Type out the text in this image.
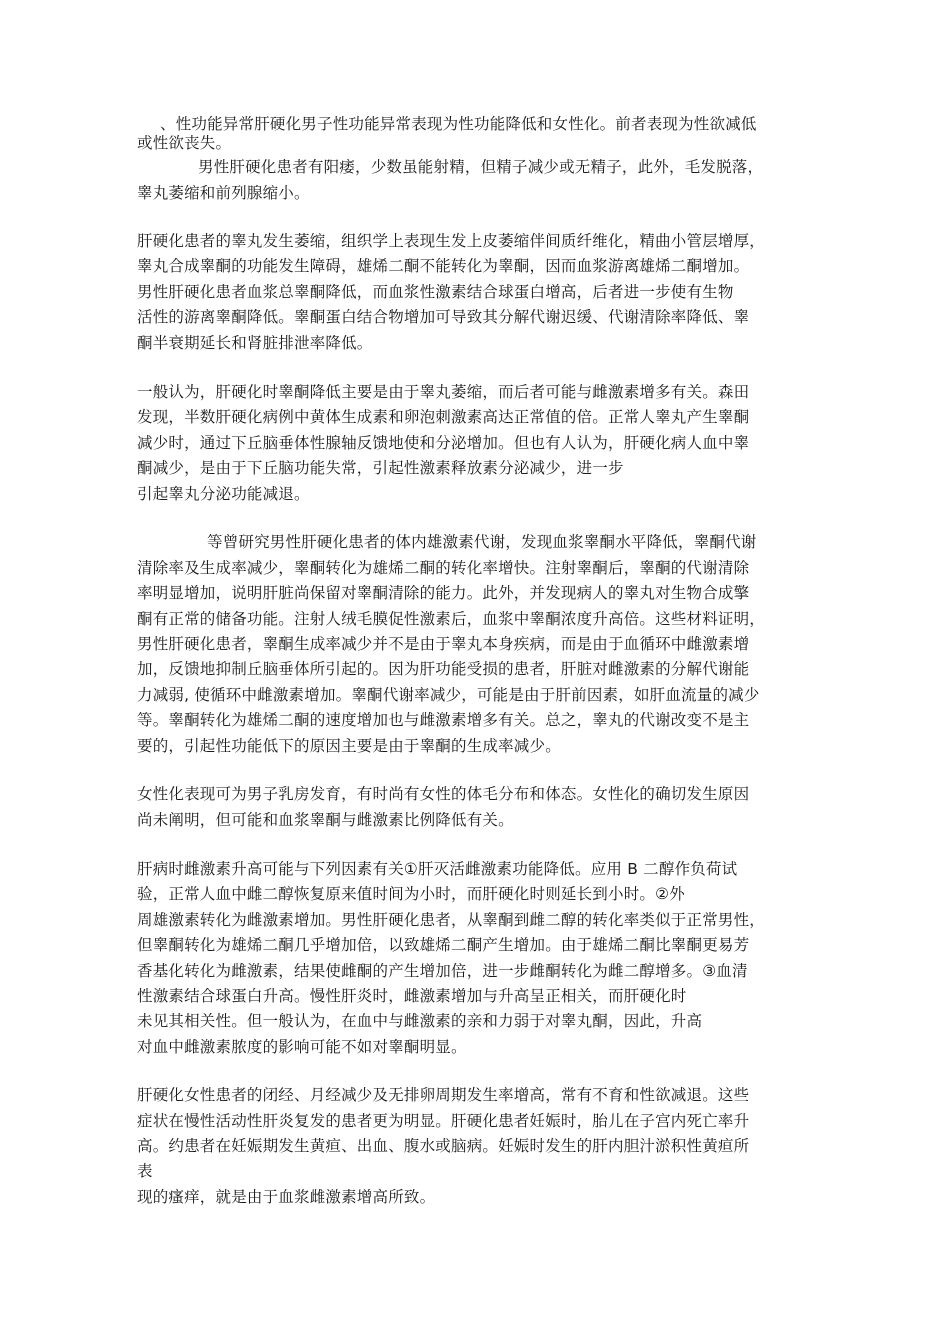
、性功能异常肝硬化男子性功能异常表现为性功能降低和女性化。前者表现为性欲减低
或性欲丧失。
男性肝硬化患者有阳痿，少数虽能射精，但精子减少或无精子，此外，毛发脱落，
睾丸萎缩和前列腺缩小。
肝硬化患者的睾丸发生萎缩，组织学上表现生发上皮萎缩伴间质纤维化，精曲小管层增厚，
睾丸合成睾酮的功能发生障碍，雄烯二酮不能转化为睾酮，因而血浆游离雄烯二酮增加。
男性肝硬化患者血浆总睾酮降低，而血浆性激素结合球蛋白增高，后者进一步使有生物
活性的游离睾酮降低。睾酮蛋白结合物增加可导致其分解代谢迟缓、代谢清除率降低、睾
酮半衰期延长和肾脏排泄率降低。
一般认为，肝硬化时睾酮降低主要是由于睾丸萎缩，而后者可能与雌激素增多有关。森田
发现，半数肝硬化病例中黄体生成素和卵泡刺激素高达正常值的倍。正常人睾丸产生睾酮
减少时，通过下丘脑垂体性腺轴反馈地使和分泌增加。但也有人认为，肝硬化病人血中睾
酮减少，是由于下丘脑功能失常，引起性激素释放素分泌减少，进一步
引起睾丸分泌功能减退。
等曾研究男性肝硬化患者的体内雄激素代谢，发现血浆睾酮水平降低，睾酮代谢
清除率及生成率减少，睾酮转化为雄烯二酮的转化率增快。注射睾酮后，睾酮的代谢清除
率明显增加，说明肝脏尚保留对睾酮清除的能力。此外，并发现病人的睾丸对生物合成擎
酮有正常的储备功能。注射人绒毛膜促性激素后，血浆中睾酮浓度升高倍。这些材料证明，
男性肝硬化患者，睾酮生成率减少并不是由于睾丸本身疾病，而是由于血循环中雌激素增
加，反馈地抑制丘脑垂体所引起的。因为肝功能受损的患者，肝脏对雌激素的分解代谢能
力减弱, 使循环中雌激素增加。睾酮代谢率减少，可能是由于肝前因素，如肝血流量的减少
等。睾酮转化为雄烯二酮的速度增加也与雌激素增多有关。总之，睾丸的代谢改变不是主
要的，引起性功能低下的原因主要是由于睾酮的生成率减少。
女性化表现可为男子乳房发育，有时尚有女性的体毛分布和体态。女性化的确切发生原因
尚未阐明，但可能和血浆睾酮与雌激素比例降低有关。
肝病时雌激素升高可能与下列因素有关①肝灭活雌激素功能降低。应用 B 二醇作负荷试
验，正常人血中雌二醇恢复原来值时间为小时，而肝硬化时则延长到小时。②外
周雄激素转化为雌激素增加。男性肝硬化患者，从睾酮到雌二醇的转化率类似于正常男性，
但睾酮转化为雄烯二酮几乎增加倍，以致雄烯二酮产生增加。由于雄烯二酮比睾酮更易芳
香基化转化为雌激素，结果使雌酮的产生增加倍，进一步雌酮转化为雌二醇增多。③血清
性激素结合球蛋白升高。慢性肝炎时，雌激素增加与升高呈正相关，而肝硬化时
未见其相关性。但一般认为，在血中与雌激素的亲和力弱于对睾丸酮，因此，升高
对血中雌激素脓度的影响可能不如对睾酮明显。
肝硬化女性患者的闭经、月经减少及无排卵周期发生率增高，常有不育和性欲减退。这些
症状在慢性活动性肝炎复发的患者更为明显。肝硬化患者妊娠时，胎儿在子宫内死亡率升
高。约患者在妊娠期发生黄疸、出血、腹水或脑病。妊娠时发生的肝内胆汁淤积性黄疸所
表
现的瘙痒，就是由于血浆雌激素增高所致。
